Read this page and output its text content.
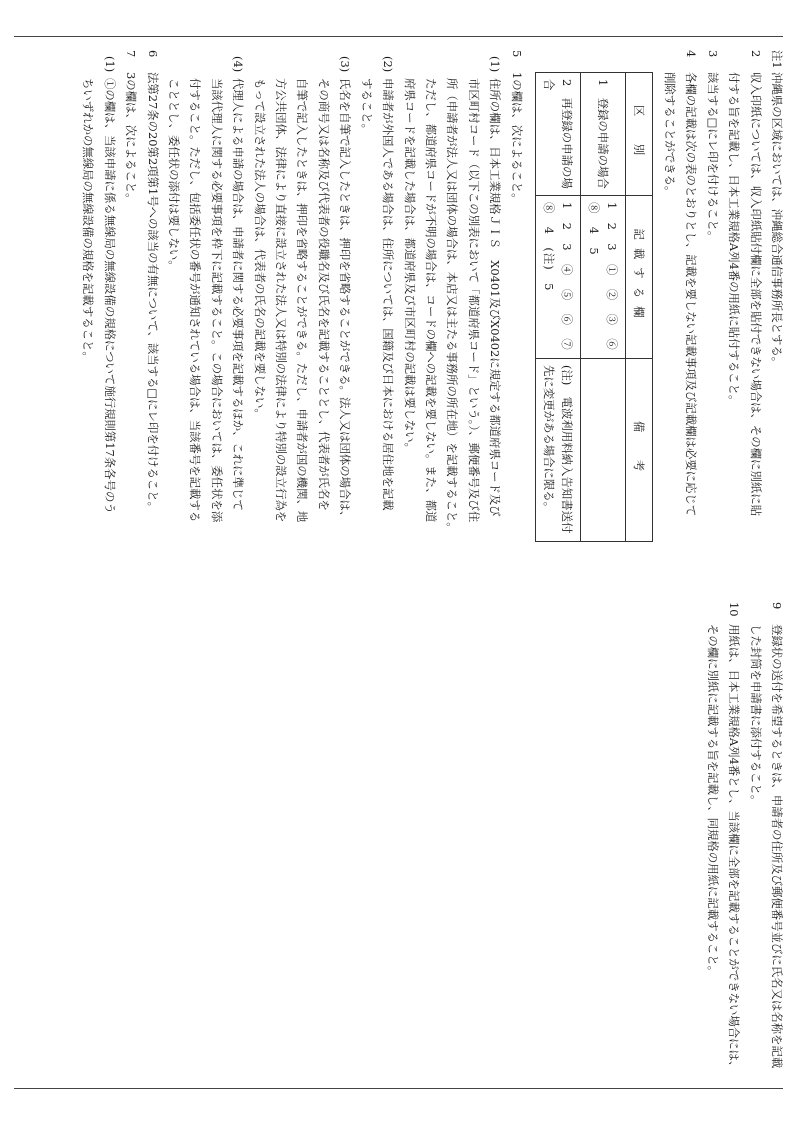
注1
沖縄県の区域においては、沖縄総合通信事務所長とする。
2
収入印紙については、収入印紙貼付欄に全部を貼付できない場合は、その欄に別紙に貼
付する旨を記載し、日本工業規格A列4番の用紙に貼付すること。
3
該当する□にレ印を付けること。
4
各欄の記載は次の表のとおりとし、記載を要しない記載事項及び記載欄は必要に応じて
削除することができる。
区　別	記載する欄	備　考
1　登録の申請の場合	1　2　3　①　②　③　⑥　⑧　4　5	
2　再登録の申請の場合	1　2　3　④　⑤　⑥　⑦　⑧　4　(注)　5	(注)　電波利用料納入告知書送付先に変更がある場合に限る。
5
1の欄は、次によること。
(1)
住所の欄は、日本工業規格ＪＩＳ　X0401及びX0402に規定する都道府県コード及び
市区町村コード（以下この別表において「都道府県コード」という。）、郵便番号及び住
所（申請者が法人又は団体の場合は、本店又は主たる事務所の所在地）を記載すること。
ただし、都道府県コードが不明の場合は、コードの欄への記載を要しない。また、都道
府県コードを記載した場合は、都道府県及び市区町村の記載は要しない。
(2)
申請者が外国人である場合は、住所については、国籍及び日本における居住地を記載
すること。
(3)
氏名を自筆で記入したときは、押印を省略することができる。法人又は団体の場合は、
その商号又は名称及び代表者の役職名及び氏名を記載することとし、代表者が氏名を
自筆で記入したときは、押印を省略することができる。ただし、申請者が国の機関、地
方公共団体、法律により直接に設立された法人又は特別の法律により特別の設立行為を
もって設立された法人の場合は、代表者の氏名の記載を要しない。
(4)
代理人による申請の場合は、申請者に関する必要事項を記載するほか、これに準じて
当該代理人に関する必要事項を枠下に記載すること。この場合においては、委任状を添
付すること。ただし、包括委任状の番号が通知されている場合は、当該番号を記載する
こととし、委任状の添付は要しない。
6
法第27条の20第2項第1号への該当の有無について、該当する□にレ印を付けること。
7
3の欄は、次によること。
(1)
①の欄は、当該申請に係る無線局の無線設備の規格について施行規則第17条各号のう
ちいずれかの無線局の無線設備の規格を記載すること。
9
登録状の送付を希望するときは、申請者の住所及び郵便番号並びに氏名又は名称を記載
した封筒を申請書に添付すること。
10
用紙は、日本工業規格A列4番とし、当該欄に全部を記載することができない場合には、
その欄に別紙に記載する旨を記載し、同規格の用紙に記載すること。
